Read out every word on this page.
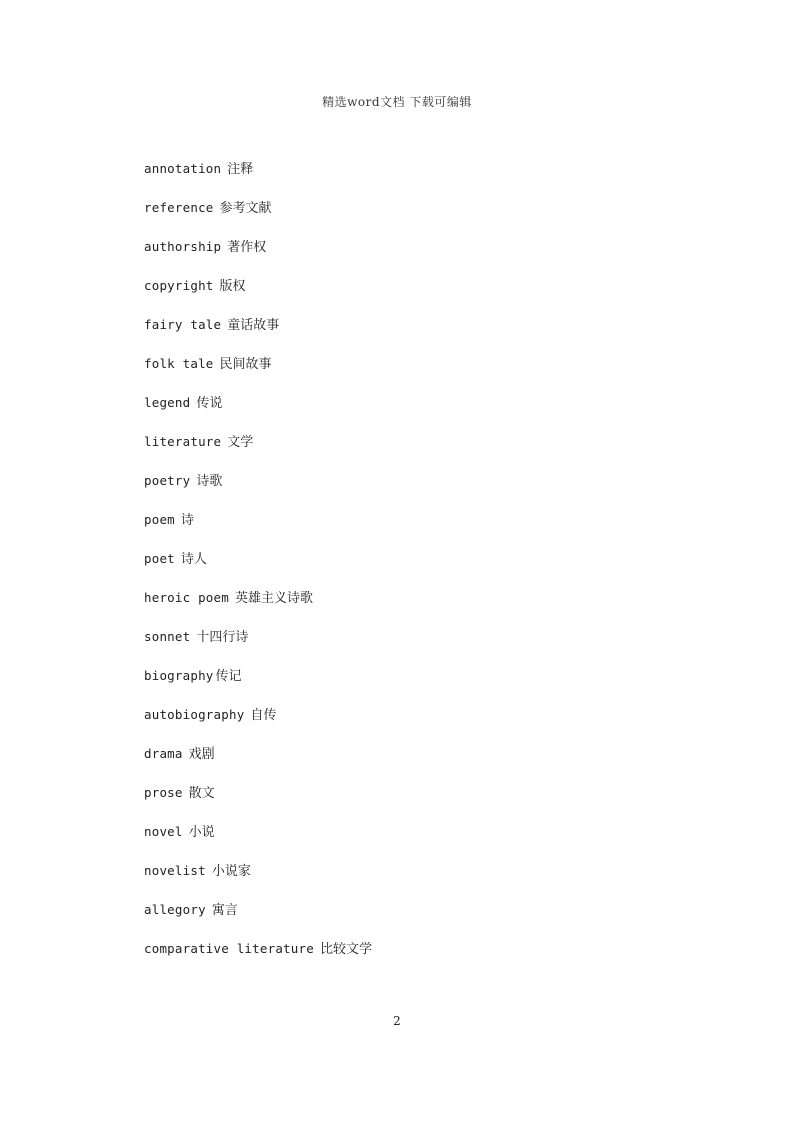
精选word文档 下载可编辑
annotation 注释
reference 参考文献
authorship 著作权
copyright 版权
fairy tale 童话故事
folk tale 民间故事
legend 传说
literature 文学
poetry 诗歌
poem 诗
poet 诗人
heroic poem 英雄主义诗歌
sonnet 十四行诗
biography 传记
autobiography 自传
drama 戏剧
prose 散文
novel 小说
novelist 小说家
allegory 寓言
comparative literature 比较文学
2
